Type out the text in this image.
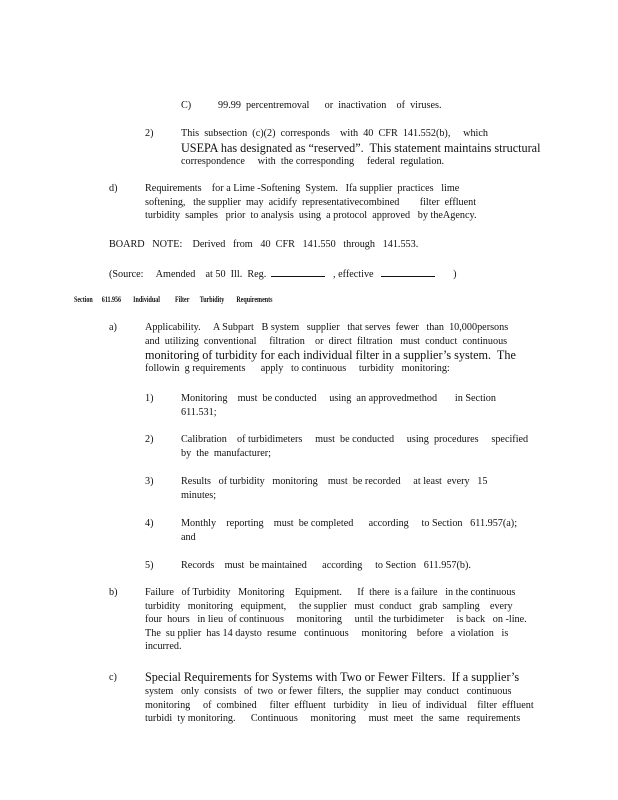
C)	99.99  percentremoval      or  inactivation    of  viruses.
2)	This  subsection  (c)(2)  corresponds    with  40  CFR  141.552(b),     which
USEPA has designated as “reserved”.  This statement maintains structural
correspondence     with  the corresponding     federal  regulation.
d)	Requirements    for a Lime -Softening  System.   Ifa supplier  practices   lime
softening,   the supplier  may  acidify  representativecombined        filter  effluent
turbidity  samples   prior  to analysis  using  a protocol  approved   by theAgency.
BOARD   NOTE:    Derived   from   40  CFR   141.550   through   141.553.
(Source:     Amended    at 50  Ill.  Reg.	, effective	)
Section      611.956        Individual          Filter       Turbidity        Requirements
a)	Applicability.     A Subpart   B system   supplier   that serves  fewer   than  10,000persons
and  utilizing  conventional     filtration    or  direct  filtration   must  conduct  continuous
monitoring of turbidity for each individual filter in a supplier’s system.  The
followin  g requirements      apply   to continuous     turbidity   monitoring:
1)	Monitoring    must  be conducted     using  an approvedmethod       in Section
611.531;
2)	Calibration    of turbidimeters     must  be conducted     using  procedures     specified
by  the  manufacturer;
3)	Results   of turbidity   monitoring    must  be recorded     at least  every   15
minutes;
4)	Monthly    reporting    must  be completed      according     to Section   611.957(a);
and
5)	Records    must  be maintained      according     to Section   611.957(b).
b)	Failure   of Turbidity   Monitoring    Equipment.      If  there  is a failure   in the continuous
turbidity   monitoring   equipment,     the supplier   must  conduct   grab  sampling    every
four  hours   in lieu  of continuous     monitoring     until  the turbidimeter     is back   on -line.
The  su pplier  has 14 daysto  resume   continuous     monitoring    before   a violation   is
incurred.
c) Special Requirements for Systems with Two or Fewer Filters.  If a supplier’s
system   only  consists   of  two  or fewer  filters,  the  supplier  may  conduct   continuous
monitoring     of  combined     filter  effluent   turbidity    in  lieu  of  individual    filter  effluent
turbidi  ty monitoring.      Continuous     monitoring     must  meet   the  same   requirements
